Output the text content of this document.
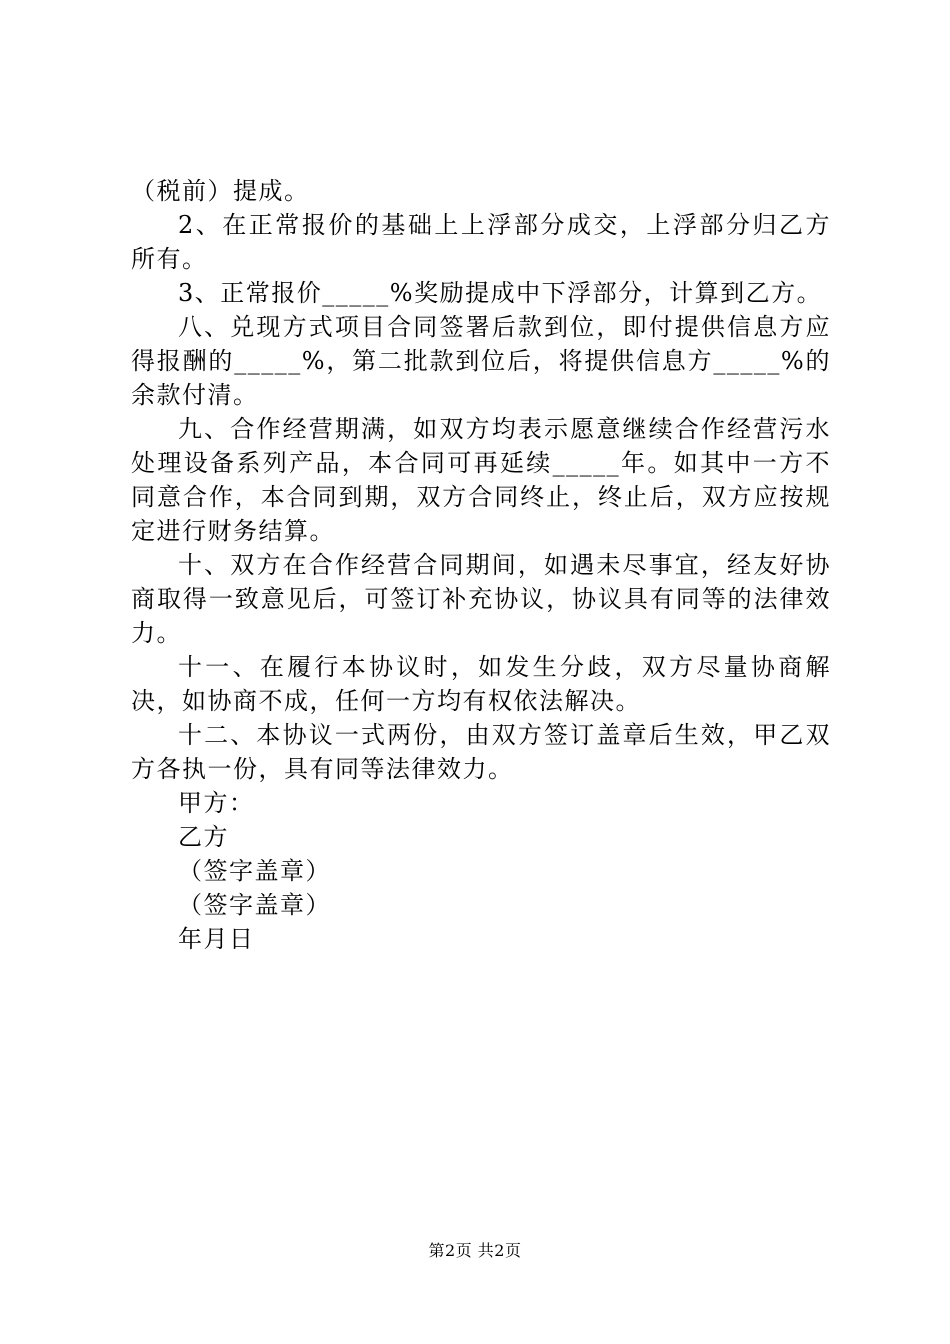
（税前）提成。

2、在正常报价的基础上上浮部分成交，上浮部分归乙方所有。

3、正常报价_____%奖励提成中下浮部分，计算到乙方。

八、兑现方式项目合同签署后款到位，即付提供信息方应得报酬的_____%，第二批款到位后，将提供信息方_____%的余款付清。

九、合作经营期满，如双方均表示愿意继续合作经营污水处理设备系列产品，本合同可再延续_____年。如其中一方不同意合作，本合同到期，双方合同终止，终止后，双方应按规定进行财务结算。

十、双方在合作经营合同期间，如遇未尽事宜，经友好协商取得一致意见后，可签订补充协议，协议具有同等的法律效力。

十一、在履行本协议时，如发生分歧，双方尽量协商解决，如协商不成，任何一方均有权依法解决。

十二、本协议一式两份，由双方签订盖章后生效，甲乙双方各执一份，具有同等法律效力。

甲方：

乙方

（签字盖章）

（签字盖章）

年月日

第2页 共2页
